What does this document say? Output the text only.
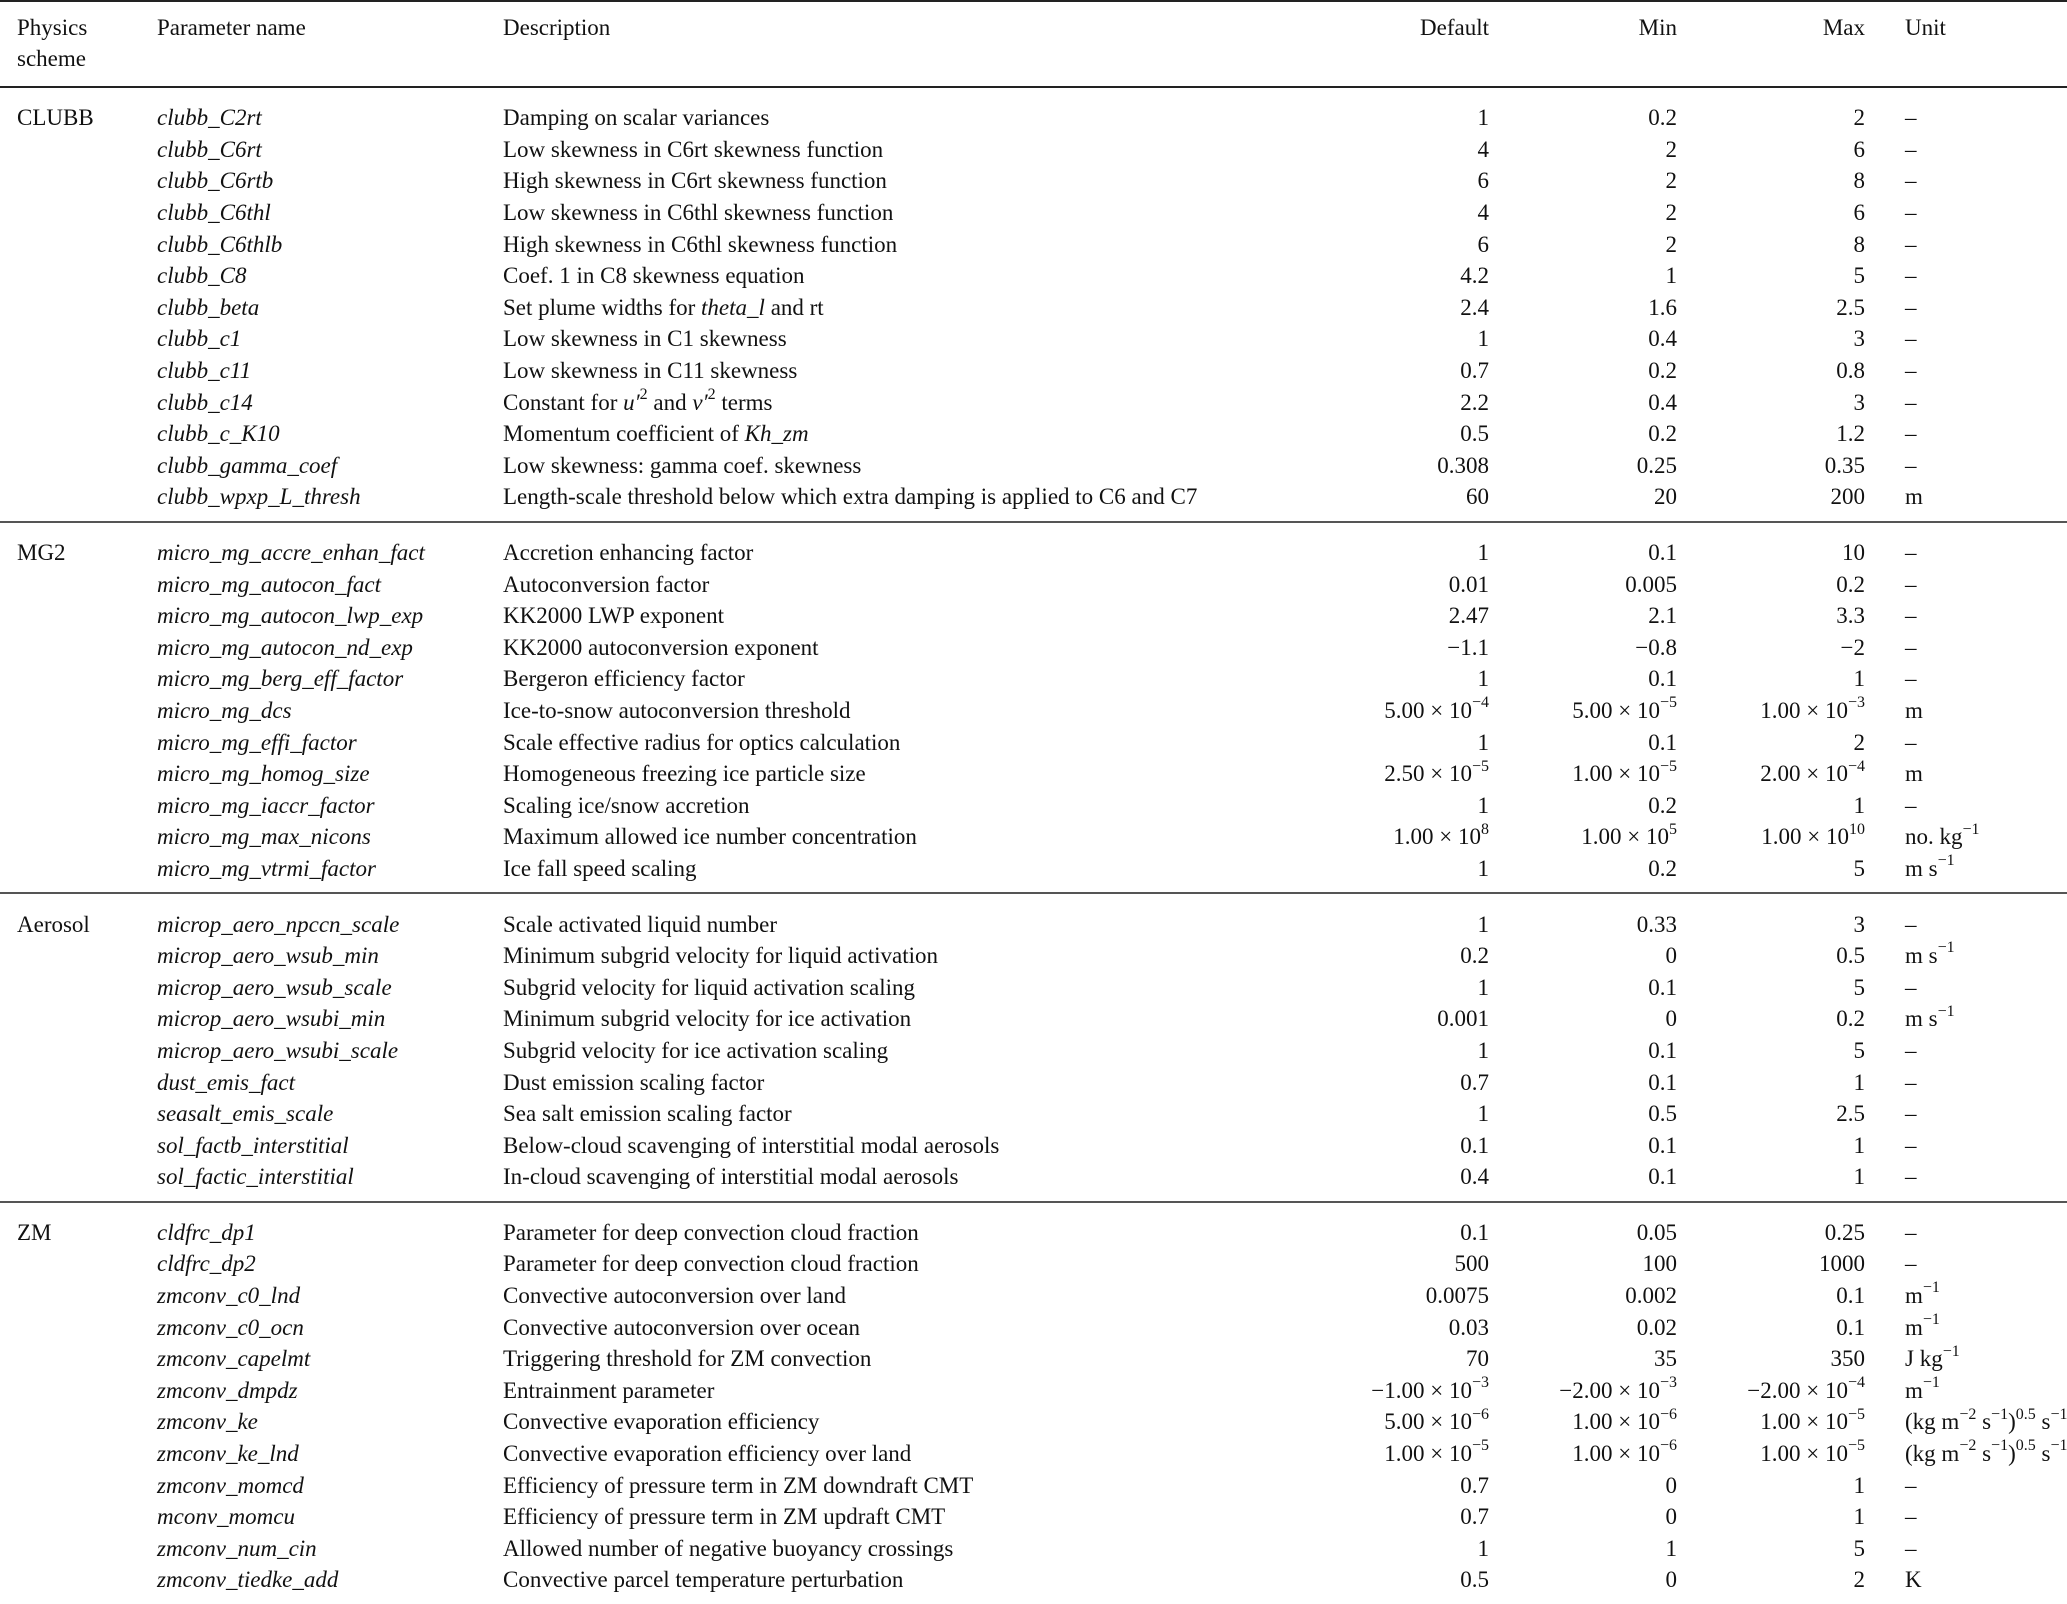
Physics scheme	Parameter name	Description	Default	Min	Max	Unit
CLUBB	clubb_C2rt	Damping on scalar variances	1	0.2	2	–
	clubb_C6rt	Low skewness in C6rt skewness function	4	2	6	–
	clubb_C6rtb	High skewness in C6rt skewness function	6	2	8	–
	clubb_C6thl	Low skewness in C6thl skewness function	4	2	6	–
	clubb_C6thlb	High skewness in C6thl skewness function	6	2	8	–
	clubb_C8	Coef. 1 in C8 skewness equation	4.2	1	5	–
	clubb_beta	Set plume widths for theta_l and rt	2.4	1.6	2.5	–
	clubb_c1	Low skewness in C1 skewness	1	0.4	3	–
	clubb_c11	Low skewness in C11 skewness	0.7	0.2	0.8	–
	clubb_c14	Constant for $u'^2$ and $v'^2$ terms	2.2	0.4	3	–
	clubb_c_K10	Momentum coefficient of Kh_zm	0.5	0.2	1.2	–
	clubb_gamma_coef	Low skewness: gamma coef. skewness	0.308	0.25	0.35	–
	clubb_wpxp_L_thresh	Length-scale threshold below which extra damping is applied to C6 and C7	60	20	200	m
MG2	micro_mg_accre_enhan_fact	Accretion enhancing factor	1	0.1	10	–
	micro_mg_autocon_fact	Autoconversion factor	0.01	0.005	0.2	–
	micro_mg_autocon_lwp_exp	KK2000 LWP exponent	2.47	2.1	3.3	–
	micro_mg_autocon_nd_exp	KK2000 autoconversion exponent	−1.1	−0.8	−2	–
	micro_mg_berg_eff_factor	Bergeron efficiency factor	1	0.1	1	–
	micro_mg_dcs	Ice-to-snow autoconversion threshold	$5.00 \times 10^{-4}$	$5.00 \times 10^{-5}$	$1.00 \times 10^{-3}$	m
	micro_mg_effi_factor	Scale effective radius for optics calculation	1	0.1	2	–
	micro_mg_homog_size	Homogeneous freezing ice particle size	$2.50 \times 10^{-5}$	$1.00 \times 10^{-5}$	$2.00 \times 10^{-4}$	m
	micro_mg_iaccr_factor	Scaling ice/snow accretion	1	0.2	1	–
	micro_mg_max_nicons	Maximum allowed ice number concentration	$1.00 \times 10^8$	$1.00 \times 10^5$	$1.00 \times 10^{10}$	no. $kg^{-1}$
	micro_mg_vtrmi_factor	Ice fall speed scaling	1	0.2	5	m $s^{-1}$
Aerosol	microp_aero_npccn_scale	Scale activated liquid number	1	0.33	3	–
	microp_aero_wsub_min	Minimum subgrid velocity for liquid activation	0.2	0	0.5	m $s^{-1}$
	microp_aero_wsub_scale	Subgrid velocity for liquid activation scaling	1	0.1	5	–
	microp_aero_wsubi_min	Minimum subgrid velocity for ice activation	0.001	0	0.2	m $s^{-1}$
	microp_aero_wsubi_scale	Subgrid velocity for ice activation scaling	1	0.1	5	–
	dust_emis_fact	Dust emission scaling factor	0.7	0.1	1	–
	seasalt_emis_scale	Sea salt emission scaling factor	1	0.5	2.5	–
	sol_factb_interstitial	Below-cloud scavenging of interstitial modal aerosols	0.1	0.1	1	–
	sol_factic_interstitial	In-cloud scavenging of interstitial modal aerosols	0.4	0.1	1	–
ZM	cldfrc_dp1	Parameter for deep convection cloud fraction	0.1	0.05	0.25	–
	cldfrc_dp2	Parameter for deep convection cloud fraction	500	100	1000	–
	zmconv_c0_lnd	Convective autoconversion over land	0.0075	0.002	0.1	$m^{-1}$
	zmconv_c0_ocn	Convective autoconversion over ocean	0.03	0.02	0.1	$m^{-1}$
	zmconv_capelmt	Triggering threshold for ZM convection	70	35	350	J $kg^{-1}$
	zmconv_dmpdz	Entrainment parameter	$-1.00 \times 10^{-3}$	$-2.00 \times 10^{-3}$	$-2.00 \times 10^{-4}$	$m^{-1}$
	zmconv_ke	Convective evaporation efficiency	$5.00 \times 10^{-6}$	$1.00 \times 10^{-6}$	$1.00 \times 10^{-5}$	(kg $m^{-2}$ $s^{-1})^{0.5}$ $s^{-1}$
	zmconv_ke_lnd	Convective evaporation efficiency over land	$1.00 \times 10^{-5}$	$1.00 \times 10^{-6}$	$1.00 \times 10^{-5}$	(kg $m^{-2}$ $s^{-1})^{0.5}$ $s^{-1}$
	zmconv_momcd	Efficiency of pressure term in ZM downdraft CMT	0.7	0	1	–
	mconv_momcu	Efficiency of pressure term in ZM updraft CMT	0.7	0	1	–
	zmconv_num_cin	Allowed number of negative buoyancy crossings	1	1	5	–
	zmconv_tiedke_add	Convective parcel temperature perturbation	0.5	0	2	K
